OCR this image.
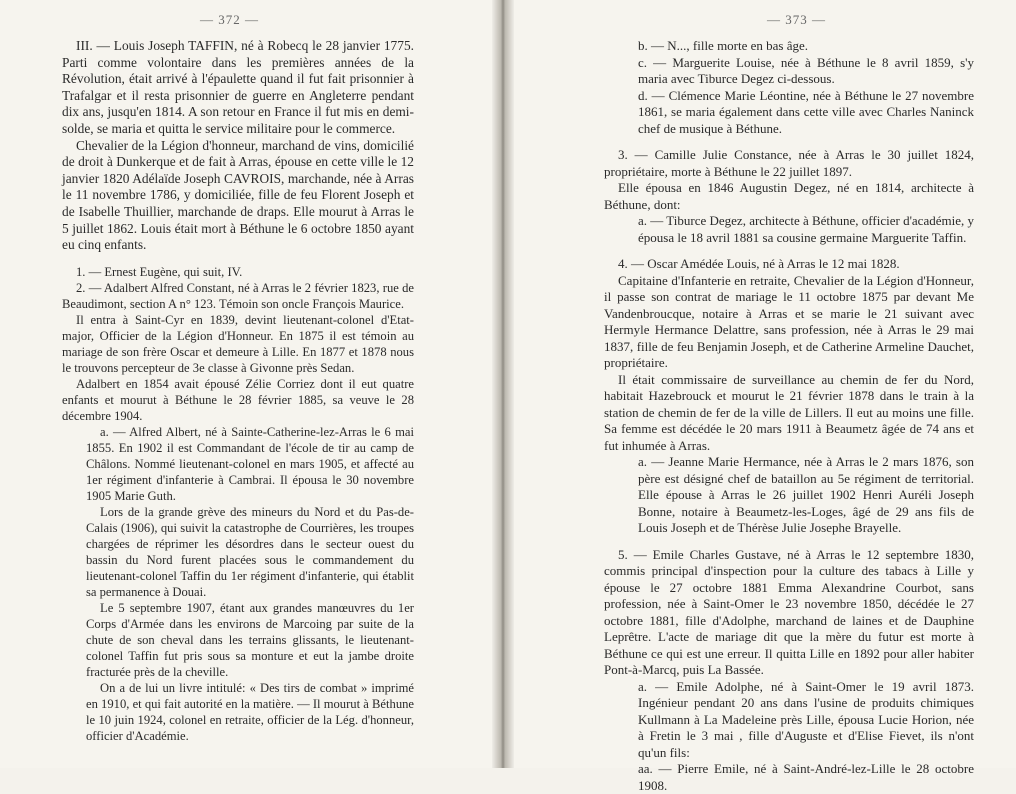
— 372 —

III. — Louis Joseph TAFFIN, né à Robecq le 28 janvier 1775. Parti comme volontaire dans les premières années de la Révolution, était arrivé à l'épaulette quand il fut fait prisonnier à Trafalgar et il resta prisonnier de guerre en Angleterre pendant dix ans, jusqu'en 1814. A son retour en France il fut mis en demi-solde, se maria et quitta le service militaire pour le commerce.

Chevalier de la Légion d'honneur, marchand de vins, domicilié de droit à Dunkerque et de fait à Arras, épouse en cette ville le 12 janvier 1820 Adélaïde Joseph CAVROIS, marchande, née à Arras le 11 novembre 1786, y domiciliée, fille de feu Florent Joseph et de Isabelle Thuillier, marchande de draps. Elle mourut à Arras le 5 juillet 1862. Louis était mort à Béthune le 6 octobre 1850 ayant eu cinq enfants.

1. — Ernest Eugène, qui suit, IV.

2. — Adalbert Alfred Constant, né à Arras le 2 février 1823, rue de Beaudimont, section A n° 123. Témoin son oncle François Maurice.

Il entra à Saint-Cyr en 1839, devint lieutenant-colonel d'Etat-major, Officier de la Légion d'Honneur. En 1875 il est témoin au mariage de son frère Oscar et demeure à Lille. En 1877 et 1878 nous le trouvons percepteur de 3e classe à Givonne près Sedan.

Adalbert en 1854 avait épousé Zélie Corriez dont il eut quatre enfants et mourut à Béthune le 28 février 1885, sa veuve le 28 décembre 1904.

a. — Alfred Albert, né à Sainte-Catherine-lez-Arras le 6 mai 1855. En 1902 il est Commandant de l'école de tir au camp de Châlons. Nommé lieutenant-colonel en mars 1905, et affecté au 1er régiment d'infanterie à Cambrai. Il épousa le 30 novembre 1905 Marie Guth.

Lors de la grande grève des mineurs du Nord et du Pas-de-Calais (1906), qui suivit la catastrophe de Courrières, les troupes chargées de réprimer les désordres dans le secteur ouest du bassin du Nord furent placées sous le commandement du lieutenant-colonel Taffin du 1er régiment d'infanterie, qui établit sa permanence à Douai.

Le 5 septembre 1907, étant aux grandes manœuvres du 1er Corps d'Armée dans les environs de Marcoing par suite de la chute de son cheval dans les terrains glissants, le lieutenant-colonel Taffin fut pris sous sa monture et eut la jambe droite fracturée près de la cheville.

On a de lui un livre intitulé: « Des tirs de combat » imprimé en 1910, et qui fait autorité en la matière. — Il mourut à Béthune le 10 juin 1924, colonel en retraite, officier de la Lég. d'honneur, officier d'Académie.

— 373 —

b. — N..., fille morte en bas âge.

c. — Marguerite Louise, née à Béthune le 8 avril 1859, s'y maria avec Tiburce Degez ci-dessous.

d. — Clémence Marie Léontine, née à Béthune le 27 novembre 1861, se maria également dans cette ville avec Charles Naninck chef de musique à Béthune.

3. — Camille Julie Constance, née à Arras le 30 juillet 1824, propriétaire, morte à Béthune le 22 juillet 1897.

Elle épousa en 1846 Augustin Degez, né en 1814, architecte à Béthune, dont:

a. — Tiburce Degez, architecte à Béthune, officier d'académie, y épousa le 18 avril 1881 sa cousine germaine Marguerite Taffin.

4. — Oscar Amédée Louis, né à Arras le 12 mai 1828.

Capitaine d'Infanterie en retraite, Chevalier de la Légion d'Honneur, il passe son contrat de mariage le 11 octobre 1875 par devant Me Vandenbroucque, notaire à Arras et se marie le 21 suivant avec Hermyle Hermance Delattre, sans profession, née à Arras le 29 mai 1837, fille de feu Benjamin Joseph, et de Catherine Armeline Dauchet, propriétaire.

Il était commissaire de surveillance au chemin de fer du Nord, habitait Hazebrouck et mourut le 21 février 1878 dans le train à la station de chemin de fer de la ville de Lillers. Il eut au moins une fille. Sa femme est décédée le 20 mars 1911 à Beaumetz âgée de 74 ans et fut inhumée à Arras.

a. — Jeanne Marie Hermance, née à Arras le 2 mars 1876, son père est désigné chef de bataillon au 5e régiment de territorial. Elle épouse à Arras le 26 juillet 1902 Henri Auréli Joseph Bonne, notaire à Beaumetz-les-Loges, âgé de 29 ans fils de Louis Joseph et de Thérèse Julie Josephe Brayelle.

5. — Emile Charles Gustave, né à Arras le 12 septembre 1830, commis principal d'inspection pour la culture des tabacs à Lille y épouse le 27 octobre 1881 Emma Alexandrine Courbot, sans profession, née à Saint-Omer le 23 novembre 1850, décédée le 27 octobre 1881, fille d'Adolphe, marchand de laines et de Dauphine Leprêtre. L'acte de mariage dit que la mère du futur est morte à Béthune ce qui est une erreur. Il quitta Lille en 1892 pour aller habiter Pont-à-Marcq, puis La Bassée.

a. — Emile Adolphe, né à Saint-Omer le 19 avril 1873. Ingénieur pendant 20 ans dans l'usine de produits chimiques Kullmann à La Madeleine près Lille, épousa Lucie Horion, née à Fretin le 3 mai , fille d'Auguste et d'Elise Fievet, ils n'ont qu'un fils:

aa. — Pierre Emile, né à Saint-André-lez-Lille le 28 octobre 1908.
